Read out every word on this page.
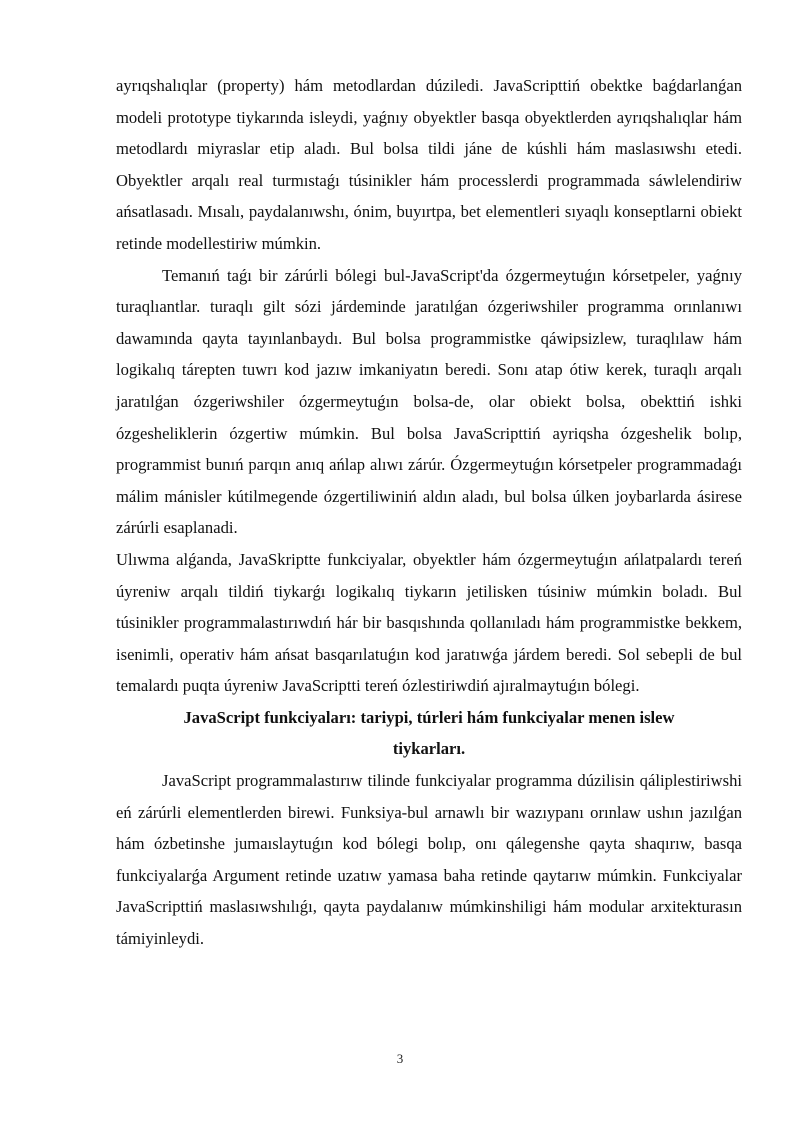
ayrıqshalıqlar (property) hám metodlardan dúziledi. JavaScripttiń obektke baǵdarlanǵan modeli prototype tiykarında isleydi, yaǵnıy obyektler basqa obyektlerden ayrıqshalıqlar hám metodlardı miyraslar etip aladı. Bul bolsa tildi jáne de kúshli hám maslasıwshı etedi. Obyektler arqalı real turmıstaǵı túsinikler hám processlerdi programmada sáwlelendiriw ańsatlasadı. Mısalı, paydalanıwshı, ónim, buyırtpa, bet elementleri sıyaqlı konseptlarni obiekt retinde modellestiriw múmkin.

Temanıń taǵı bir zárúrli bólegi bul-JavaScript'da ózgermeytuǵın kórsetpeler, yaǵnıy turaqlıantlar. turaqlı gilt sózi járdeminde jaratılǵan ózgeriwshiler programma orınlanıwı dawamında qayta tayınlanbaydı. Bul bolsa programmistke qáwipsizlew, turaqlılaw hám logikalıq tárepten tuwrı kod jazıw imkaniyatın beredi. Sonı atap ótiw kerek, turaqlı arqalı jaratılǵan ózgeriwshiler ózgermeytuǵın bolsa-de, olar obiekt bolsa, obekttiń ishki ózgesheliklerin ózgertiw múmkin. Bul bolsa JavaScripttiń ayriqsha ózgeshelik bolıp, programmist bunıń parqın anıq ańlap alıwı zárúr. Ózgermeytuǵın kórsetpeler programmadaǵı málim mánisler kútilmegende ózgertiliwiniń aldın aladı, bul bolsa úlken joybarlarda ásirese zárúrli esaplanadi.

Ulıwma alǵanda, JavaSkriptte funkciyalar, obyektler hám ózgermeytuǵın ańlatpalardı tereń úyreniw arqalı tildiń tiykarǵı logikalıq tiykarın jetilisken túsiniw múmkin boladı. Bul túsinikler programmalastırıwdıń hár bir basqıshında qollanıladı hám programmistke bekkem, isenimli, operativ hám ańsat basqarılatuǵın kod jaratıwǵa járdem beredi. Sol sebepli de bul temalardı puqta úyreniw JavaScriptti tereń ózlestiriwdiń ajıralmaytuǵın bólegi.

JavaScript funkciyaları: tariypi, túrleri hám funkciyalar menen islew

tiykarları.

JavaScript programmalastırıw tilinde funkciyalar programma dúzilisin qáliplestiriwshi eń zárúrli elementlerden birewi. Funksiya-bul arnawlı bir wazıypanı orınlaw ushın jazılǵan hám ózbetinshe jumaıslaytuǵın kod bólegi bolıp, onı qálegenshe qayta shaqırıw, basqa funkciyalarǵa Argument retinde uzatıw yamasa baha retinde qaytarıw múmkin. Funkciyalar JavaScripttiń maslasıwshılıǵı, qayta paydalanıw múmkinshiligi hám modular arxitekturasın támiyinleydi.

3
